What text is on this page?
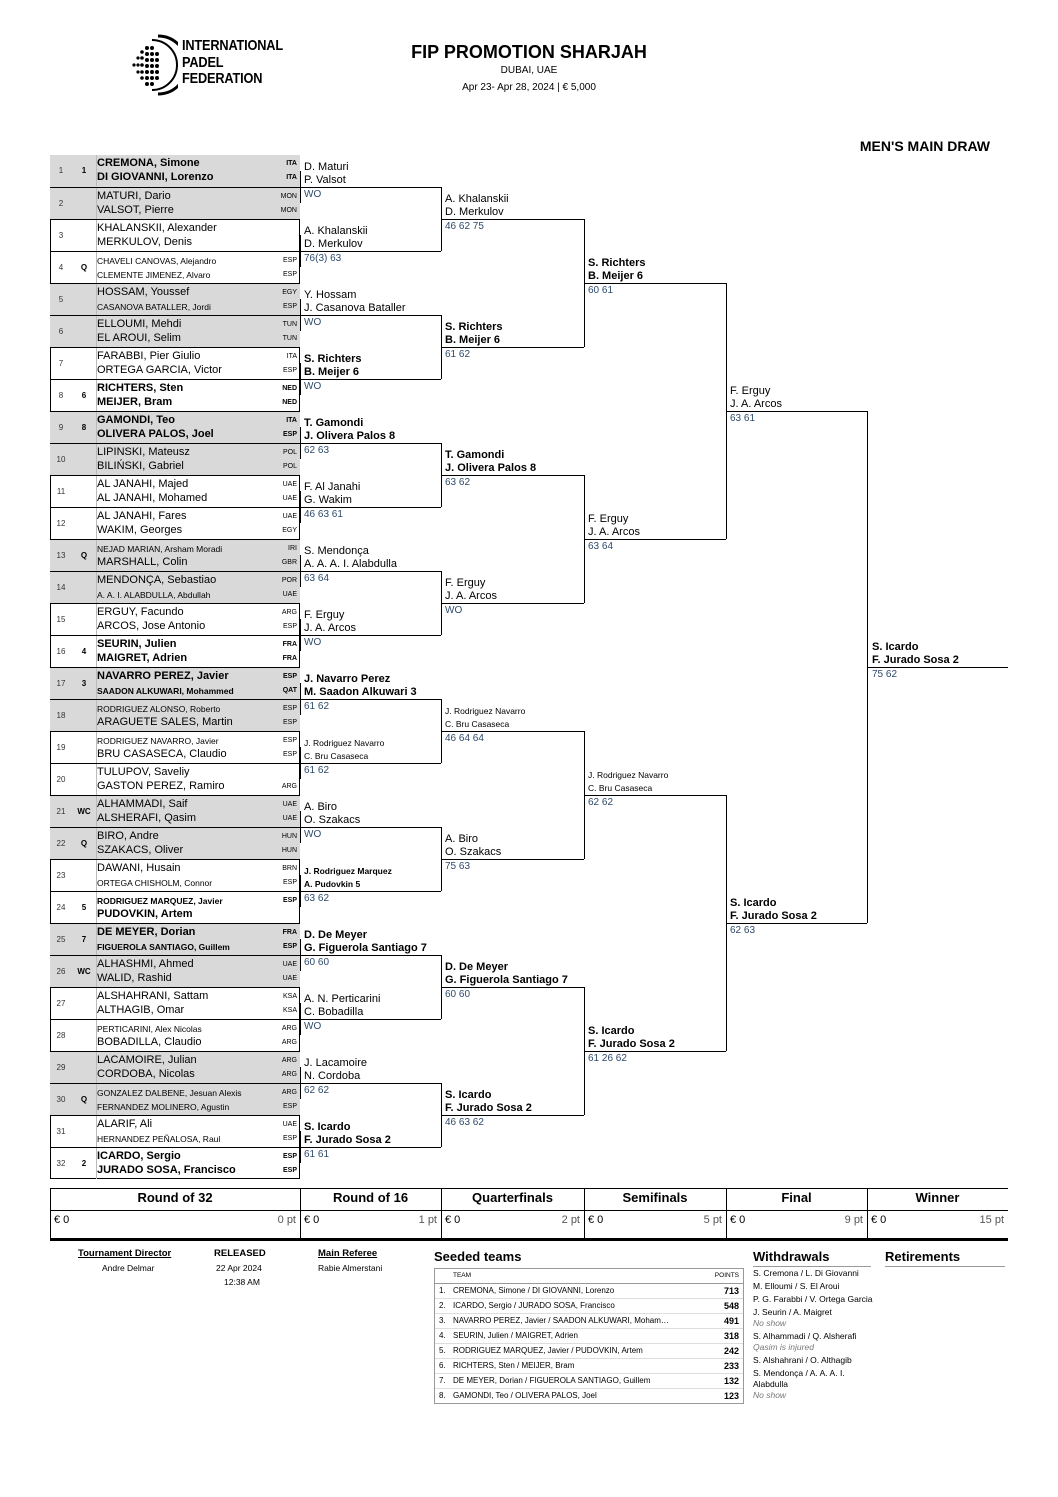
INTERNATIONAL
PADEL
FEDERATION
FIP PROMOTION SHARJAH
DUBAI, UAE
Apr 23- Apr 28, 2024 | € 5,000
MEN'S MAIN DRAW
1	1
CREMONA, Simone
DI GIOVANNI, Lorenzo
ITA
ITA
2
MATURI, Dario
VALSOT, Pierre
MON
MON
3
KHALANSKII, Alexander
MERKULOV, Denis
4	Q
CHAVELI CANOVAS, Alejandro
CLEMENTE JIMENEZ, Alvaro
ESP
ESP
5
HOSSAM, Youssef
CASANOVA BATALLER, Jordi
EGY
ESP
6
ELLOUMI, Mehdi
EL AROUI, Selim
TUN
TUN
7
FARABBI, Pier Giulio
ORTEGA GARCIA, Victor
ITA
ESP
8	6
RICHTERS, Sten
MEIJER, Bram
NED
NED
9	8
GAMONDI, Teo
OLIVERA PALOS, Joel
ITA
ESP
10
LIPINSKI, Mateusz
BILIŃSKI, Gabriel
POL
POL
11
AL JANAHI, Majed
AL JANAHI, Mohamed
UAE
UAE
12
AL JANAHI, Fares
WAKIM, Georges
UAE
EGY
13	Q
NEJAD MARIAN, Arsham Moradi
MARSHALL, Colin
IRI
GBR
14
MENDONÇA, Sebastiao
A. A. I. ALABDULLA, Abdullah
POR
UAE
15
ERGUY, Facundo
ARCOS, Jose Antonio
ARG
ESP
16	4
SEURIN, Julien
MAIGRET, Adrien
FRA
FRA
17	3
NAVARRO PEREZ, Javier
SAADON ALKUWARI, Mohammed
ESP
QAT
18
RODRIGUEZ ALONSO, Roberto
ARAGUETE SALES, Martin
ESP
ESP
19
RODRIGUEZ NAVARRO, Javier
BRU CASASECA, Claudio
ESP
ESP
20
TULUPOV, Saveliy
GASTON PEREZ, Ramiro	ARG
21	WC
ALHAMMADI, Saif
ALSHERAFI, Qasim
UAE
UAE
22	Q
BIRO, Andre
SZAKACS, Oliver
HUN
HUN
23
DAWANI, Husain
ORTEGA CHISHOLM, Connor
BRN
ESP
24	5
RODRIGUEZ MARQUEZ, Javier
PUDOVKIN, Artem
ESP
25	7
DE MEYER, Dorian
FIGUEROLA SANTIAGO, Guillem
FRA
ESP
26	WC
ALHASHMI, Ahmed
WALID, Rashid
UAE
UAE
27
ALSHAHRANI, Sattam
ALTHAGIB, Omar
KSA
KSA
28
PERTICARINI, Alex Nicolas
BOBADILLA, Claudio
ARG
ARG
29
LACAMOIRE, Julian
CORDOBA, Nicolas
ARG
ARG
30	Q
GONZALEZ DALBENE, Jesuan Alexis
FERNANDEZ MOLINERO, Agustin
ARG
ESP
31
ALARIF, Ali
HERNANDEZ PEÑALOSA, Raul
UAE
ESP
32	2
ICARDO, Sergio
JURADO SOSA, Francisco
ESP
ESP
D. Maturi
P. Valsot
WO
A. Khalanskii
D. Merkulov
76(3) 63
Y. Hossam
J. Casanova Bataller
WO
S. Richters
B. Meijer 6
WO
T. Gamondi
J. Olivera Palos 8
62 63
F. Al Janahi
G. Wakim
46 63 61
S. Mendonça
A. A. A. I. Alabdulla
63 64
F. Erguy
J. A. Arcos
WO
J. Navarro Perez
M. Saadon Alkuwari 3
61 62
J. Rodriguez Navarro
C. Bru Casaseca
61 62
A. Biro
O. Szakacs
WO
J. Rodriguez Marquez
A. Pudovkin 5
63 62
D. De Meyer
G. Figuerola Santiago 7
60 60
A. N. Perticarini
C. Bobadilla
WO
J. Lacamoire
N. Cordoba
62 62
S. Icardo
F. Jurado Sosa 2
61 61
A. Khalanskii
D. Merkulov
46 62 75
S. Richters
B. Meijer 6
61 62
T. Gamondi
J. Olivera Palos 8
63 62
F. Erguy
J. A. Arcos
WO
J. Rodriguez Navarro
C. Bru Casaseca
46 64 64
A. Biro
O. Szakacs
75 63
D. De Meyer
G. Figuerola Santiago 7
60 60
S. Icardo
F. Jurado Sosa 2
46 63 62
S. Richters
B. Meijer 6
60 61
F. Erguy
J. A. Arcos
63 64
J. Rodriguez Navarro
C. Bru Casaseca
62 62
S. Icardo
F. Jurado Sosa 2
61 26 62
F. Erguy
J. A. Arcos
63 61
S. Icardo
F. Jurado Sosa 2
62 63
S. Icardo
F. Jurado Sosa 2
75 62
Round of 32
€ 0	0 pt
Round of 16
€ 0	1 pt
Quarterfinals
€ 0	2 pt
Semifinals
€ 0	5 pt
Final
€ 0	9 pt
Winner
€ 0	15 pt
Tournament Director
Andre Delmar
RELEASED
22 Apr 2024
12:38 AM
Main Referee
Rabie Almerstani
Seeded teams
TEAM	POINTS
1. CREMONA, Simone / DI GIOVANNI, Lorenzo	713
2. ICARDO, Sergio / JURADO SOSA, Francisco	548
3. NAVARRO PEREZ, Javier / SAADON ALKUWARI, Moham…	491
4. SEURIN, Julien / MAIGRET, Adrien	318
5. RODRIGUEZ MARQUEZ, Javier / PUDOVKIN, Artem	242
6. RICHTERS, Sten / MEIJER, Bram	233
7. DE MEYER, Dorian / FIGUEROLA SANTIAGO, Guillem	132
8. GAMONDI, Teo / OLIVERA PALOS, Joel	123
Withdrawals	Retirements
S. Cremona / L. Di Giovanni
M. Elloumi / S. El Aroui
P. G. Farabbi / V. Ortega Garcia
J. Seurin / A. Maigret
No show
S. Alhammadi / Q. Alsherafi
Qasim is injured
S. Alshahrani / O. Althagib
S. Mendonça / A. A. A. I. Alabdulla
No show
